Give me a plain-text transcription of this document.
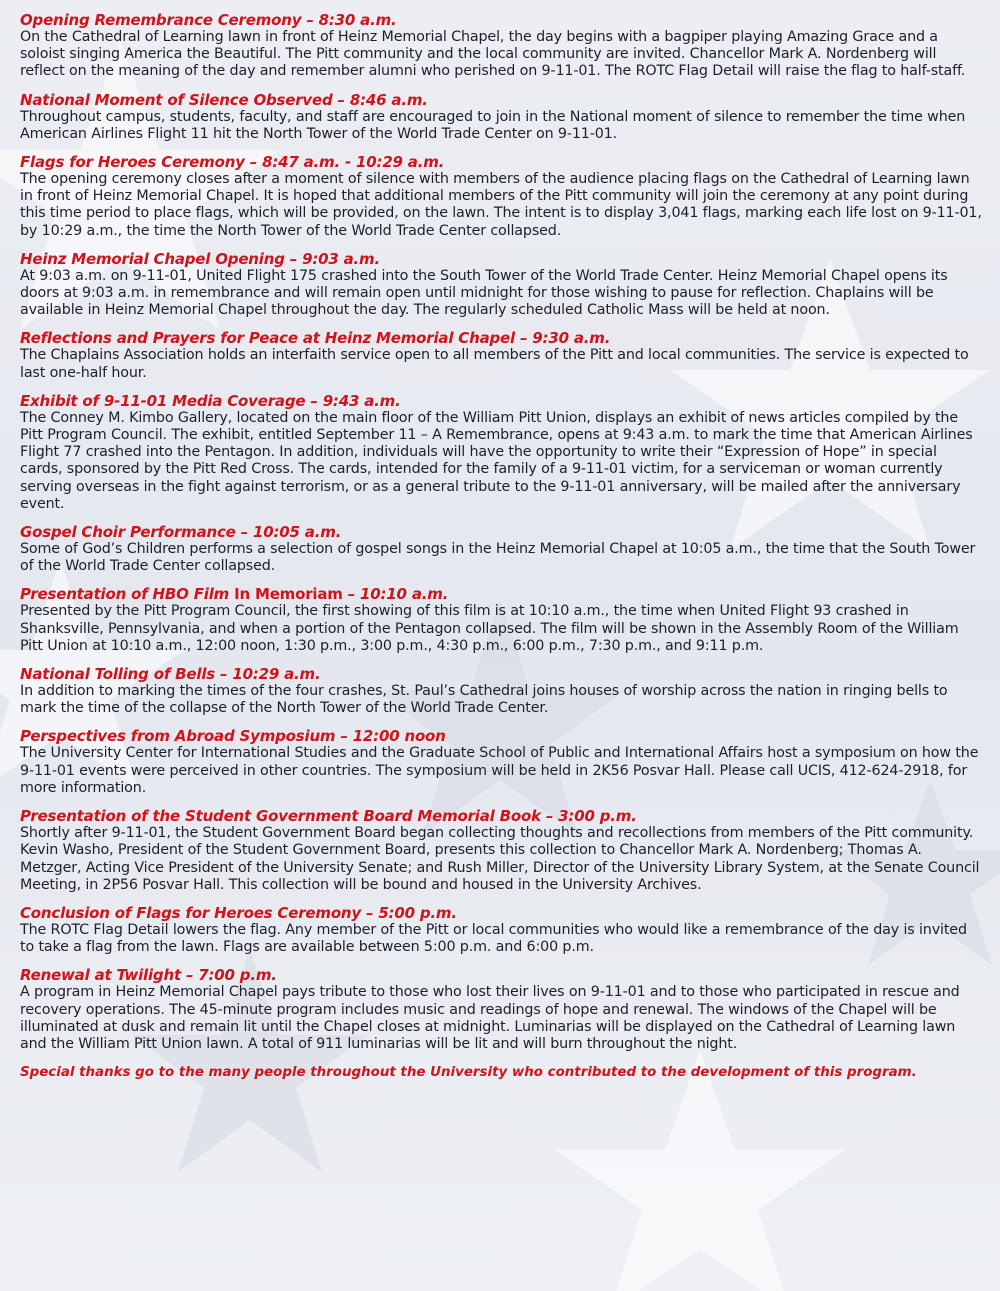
Opening Remembrance Ceremony – 8:30 a.m.
On the Cathedral of Learning lawn in front of Heinz Memorial Chapel, the day begins with a bagpiper playing Amazing Grace and a soloist singing America the Beautiful. The Pitt community and the local community are invited. Chancellor Mark A. Nordenberg will reflect on the meaning of the day and remember alumni who perished on 9-11-01. The ROTC Flag Detail will raise the flag to half-staff.
National Moment of Silence Observed – 8:46 a.m.
Throughout campus, students, faculty, and staff are encouraged to join in the National moment of silence to remember the time when American Airlines Flight 11 hit the North Tower of the World Trade Center on 9-11-01.
Flags for Heroes Ceremony – 8:47 a.m. - 10:29 a.m.
The opening ceremony closes after a moment of silence with members of the audience placing flags on the Cathedral of Learning lawn in front of Heinz Memorial Chapel. It is hoped that additional members of the Pitt community will join the ceremony at any point during this time period to place flags, which will be provided, on the lawn. The intent is to display 3,041 flags, marking each life lost on 9-11-01, by 10:29 a.m., the time the North Tower of the World Trade Center collapsed.
Heinz Memorial Chapel Opening – 9:03 a.m.
At 9:03 a.m. on 9-11-01, United Flight 175 crashed into the South Tower of the World Trade Center. Heinz Memorial Chapel opens its doors at 9:03 a.m. in remembrance and will remain open until midnight for those wishing to pause for reflection. Chaplains will be available in Heinz Memorial Chapel throughout the day. The regularly scheduled Catholic Mass will be held at noon.
Reflections and Prayers for Peace at Heinz Memorial Chapel – 9:30 a.m.
The Chaplains Association holds an interfaith service open to all members of the Pitt and local communities. The service is expected to last one-half hour.
Exhibit of 9-11-01 Media Coverage – 9:43 a.m.
The Conney M. Kimbo Gallery, located on the main floor of the William Pitt Union, displays an exhibit of news articles compiled by the Pitt Program Council. The exhibit, entitled September 11 – A Remembrance, opens at 9:43 a.m. to mark the time that American Airlines Flight 77 crashed into the Pentagon. In addition, individuals will have the opportunity to write their “Expression of Hope” in special cards, sponsored by the Pitt Red Cross. The cards, intended for the family of a 9-11-01 victim, for a serviceman or woman currently serving overseas in the fight against terrorism, or as a general tribute to the 9-11-01 anniversary, will be mailed after the anniversary event.
Gospel Choir Performance – 10:05 a.m.
Some of God’s Children performs a selection of gospel songs in the Heinz Memorial Chapel at 10:05 a.m., the time that the South Tower of the World Trade Center collapsed.
Presentation of HBO Film In Memoriam – 10:10 a.m.
Presented by the Pitt Program Council, the first showing of this film is at 10:10 a.m., the time when United Flight 93 crashed in Shanksville, Pennsylvania, and when a portion of the Pentagon collapsed. The film will be shown in the Assembly Room of the William Pitt Union at 10:10 a.m., 12:00 noon, 1:30 p.m., 3:00 p.m., 4:30 p.m., 6:00 p.m., 7:30 p.m., and 9:11 p.m.
National Tolling of Bells – 10:29 a.m.
In addition to marking the times of the four crashes, St. Paul’s Cathedral joins houses of worship across the nation in ringing bells to mark the time of the collapse of the North Tower of the World Trade Center.
Perspectives from Abroad Symposium – 12:00 noon
The University Center for International Studies and the Graduate School of Public and International Affairs host a symposium on how the 9-11-01 events were perceived in other countries. The symposium will be held in 2K56 Posvar Hall. Please call UCIS, 412-624-2918, for more information.
Presentation of the Student Government Board Memorial Book – 3:00 p.m.
Shortly after 9-11-01, the Student Government Board began collecting thoughts and recollections from members of the Pitt community. Kevin Washo, President of the Student Government Board, presents this collection to Chancellor Mark A. Nordenberg; Thomas A. Metzger, Acting Vice President of the University Senate; and Rush Miller, Director of the University Library System, at the Senate Council Meeting, in 2P56 Posvar Hall. This collection will be bound and housed in the University Archives.
Conclusion of Flags for Heroes Ceremony – 5:00 p.m.
The ROTC Flag Detail lowers the flag. Any member of the Pitt or local communities who would like a remembrance of the day is invited to take a flag from the lawn. Flags are available between 5:00 p.m. and 6:00 p.m.
Renewal at Twilight – 7:00 p.m.
A program in Heinz Memorial Chapel pays tribute to those who lost their lives on 9-11-01 and to those who participated in rescue and recovery operations. The 45-minute program includes music and readings of hope and renewal. The windows of the Chapel will be illuminated at dusk and remain lit until the Chapel closes at midnight. Luminarias will be displayed on the Cathedral of Learning lawn and the William Pitt Union lawn. A total of 911 luminarias will be lit and will burn throughout the night.
Special thanks go to the many people throughout the University who contributed to the development of this program.
